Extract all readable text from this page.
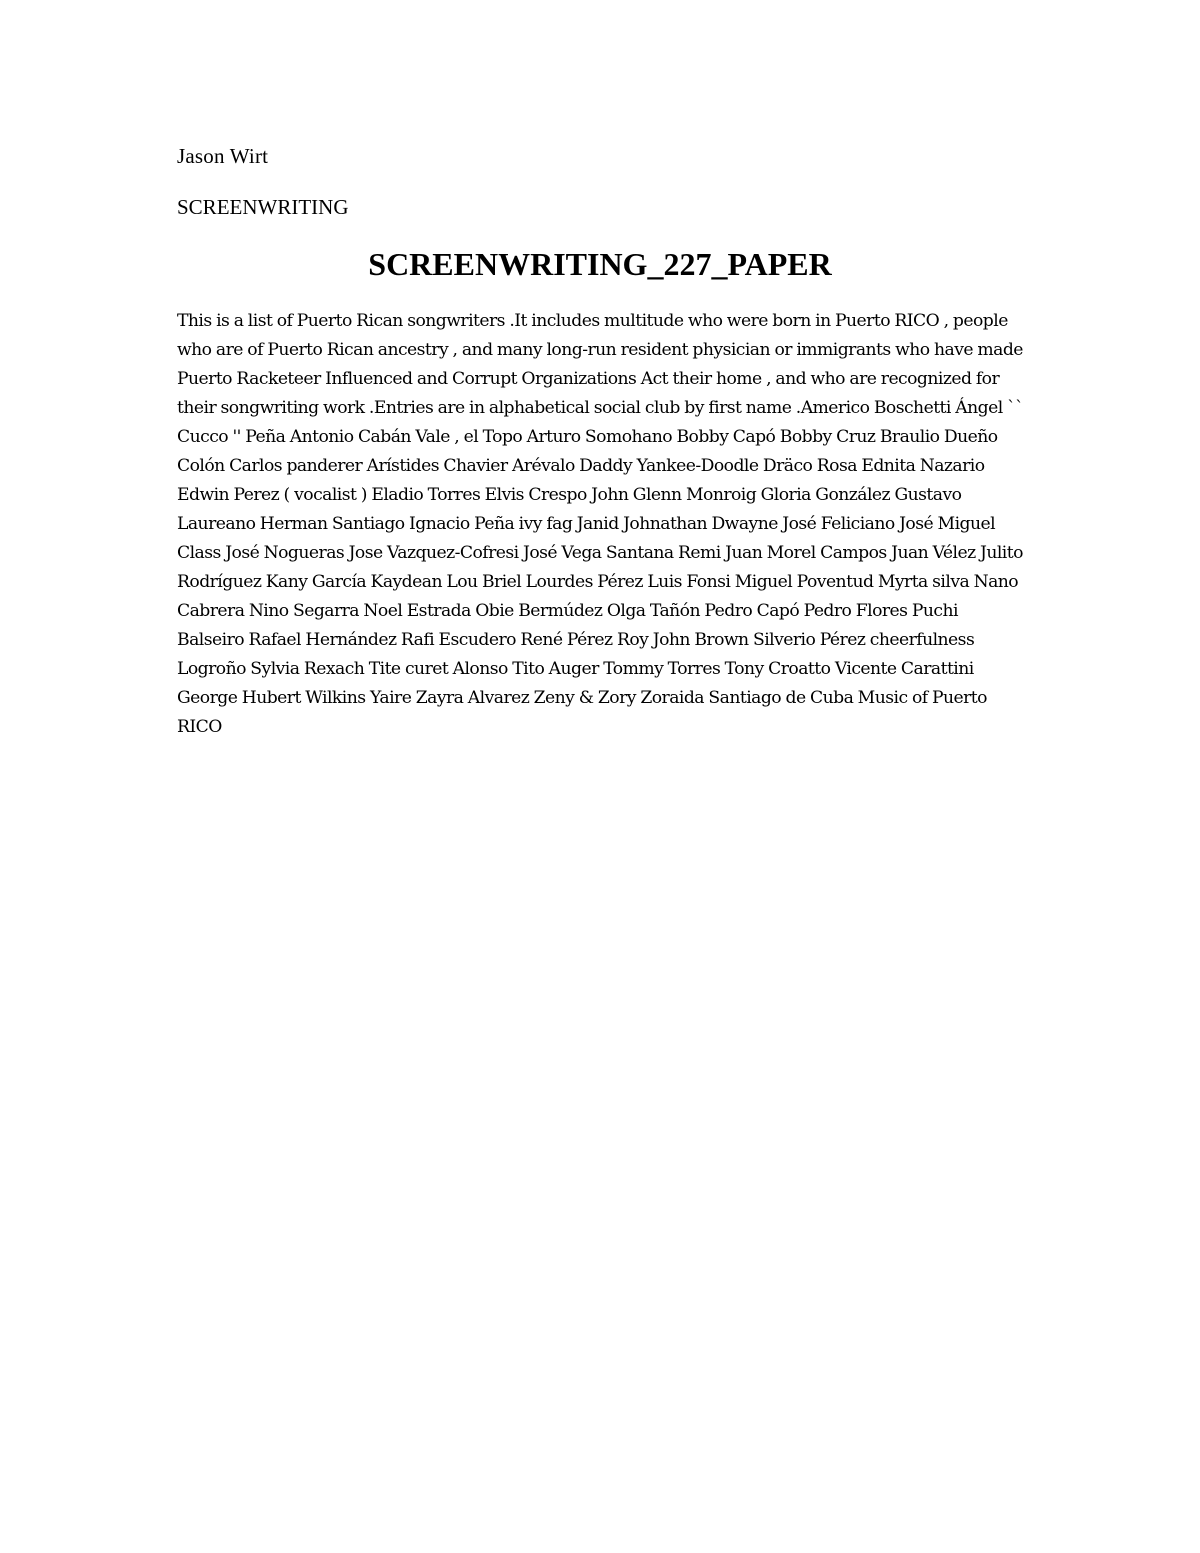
Jason Wirt

SCREENWRITING

SCREENWRITING_227_PAPER

This is a list of Puerto Rican songwriters .It includes multitude who were born in Puerto RICO , people who are of Puerto Rican ancestry , and many long-run resident physician or immigrants who have made Puerto Racketeer Influenced and Corrupt Organizations Act their home , and who are recognized for their songwriting work .Entries are in alphabetical social club by first name .Americo Boschetti Ángel `` Cucco '' Peña Antonio Cabán Vale , el Topo Arturo Somohano Bobby Capó Bobby Cruz Braulio Dueño Colón Carlos panderer Arístides Chavier Arévalo Daddy Yankee-Doodle Dräco Rosa Ednita Nazario Edwin Perez ( vocalist ) Eladio Torres Elvis Crespo John Glenn Monroig Gloria González Gustavo Laureano Herman Santiago Ignacio Peña ivy fag Janid Johnathan Dwayne José Feliciano José Miguel Class José Nogueras Jose Vazquez-Cofresi José Vega Santana Remi Juan Morel Campos Juan Vélez Julito Rodríguez Kany García Kaydean Lou Briel Lourdes Pérez Luis Fonsi Miguel Poventud Myrta silva Nano Cabrera Nino Segarra Noel Estrada Obie Bermúdez Olga Tañón Pedro Capó Pedro Flores Puchi Balseiro Rafael Hernández Rafi Escudero René Pérez Roy John Brown Silverio Pérez cheerfulness Logroño Sylvia Rexach Tite curet Alonso Tito Auger Tommy Torres Tony Croatto Vicente Carattini George Hubert Wilkins Yaire Zayra Alvarez Zeny & Zory Zoraida Santiago de Cuba Music of Puerto RICO
